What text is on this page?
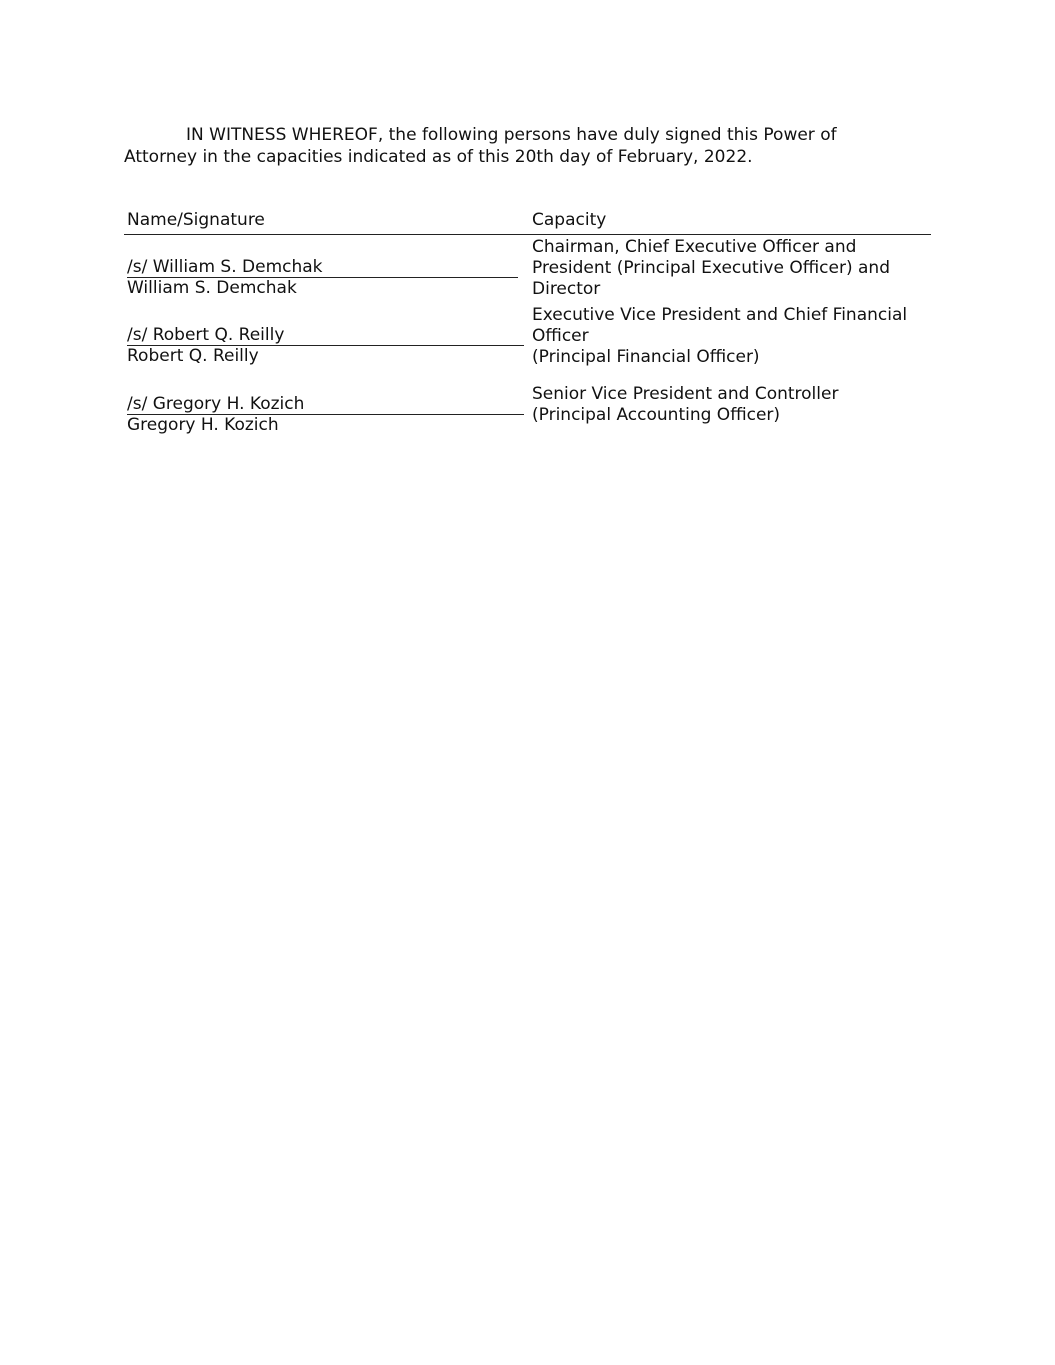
IN WITNESS WHEREOF, the following persons have duly signed this Power of Attorney in the capacities indicated as of this 20th day of February, 2022.

Name/Signature	Capacity
/s/ William S. Demchak
William S. Demchak
Chairman, Chief Executive Officer and President (Principal Executive Officer) and Director
/s/ Robert Q. Reilly
Robert Q. Reilly
Executive Vice President and Chief Financial Officer
(Principal Financial Officer)
/s/ Gregory H. Kozich
Gregory H. Kozich
Senior Vice President and Controller
(Principal Accounting Officer)
